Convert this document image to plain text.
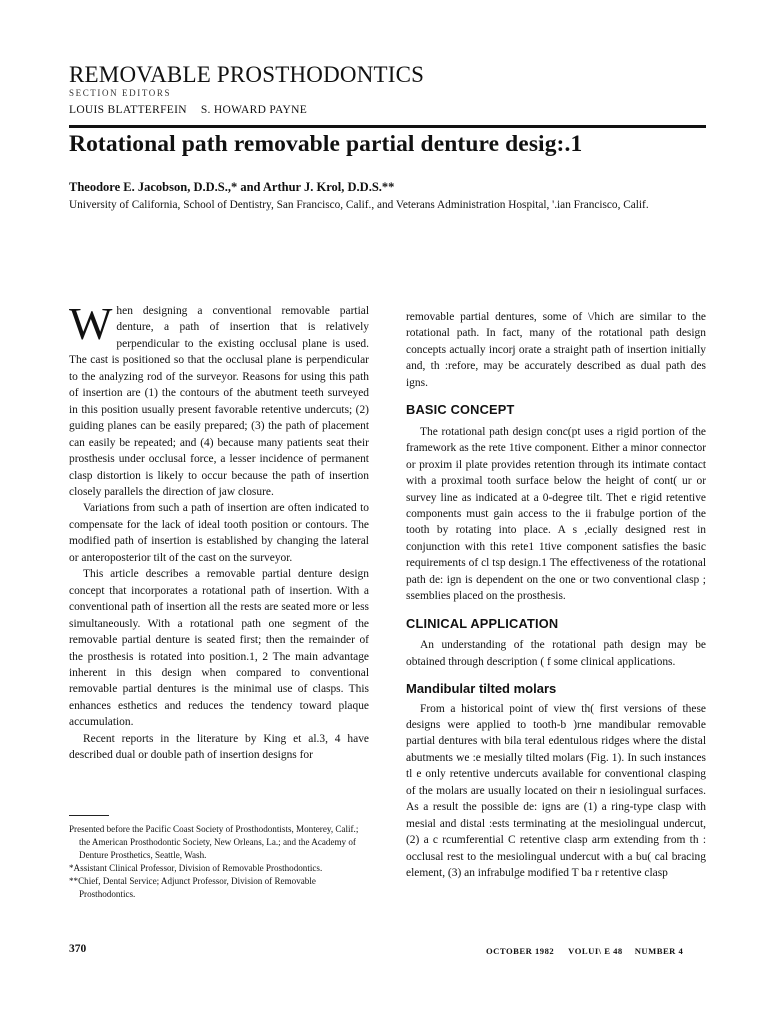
REMOVABLE PROSTHODONTICS
SECTION EDITORS
LOUIS BLATTERFEIN S. HOWARD PAYNE
Rotational path removable partial denture desig:.1
Theodore E. Jacobson, D.D.S.,* and Arthur J. Krol, D.D.S.**
University of California, School of Dentistry, San Francisco, Calif., and Veterans Administration Hospital, '.ian Francisco, Calif.

When designing a conventional removable partial denture, a path of insertion that is relatively perpendicular to the existing occlusal plane is used. The cast is positioned so that the occlusal plane is perpendicular to the analyzing rod of the surveyor. Reasons for using this path of insertion are (1) the contours of the abutment teeth surveyed in this position usually present favorable retentive undercuts; (2) guiding planes can be easily prepared; (3) the path of placement can easily be repeated; and (4) because many patients seat their prosthesis under occlusal force, a lesser incidence of permanent clasp distortion is likely to occur because the path of insertion closely parallels the direction of jaw closure.

Variations from such a path of insertion are often indicated to compensate for the lack of ideal tooth position or contours. The modified path of insertion is established by changing the lateral or anteroposterior tilt of the cast on the surveyor.

This article describes a removable partial denture design concept that incorporates a rotational path of insertion. With a conventional path of insertion all the rests are seated more or less simultaneously. With a rotational path one segment of the removable partial denture is seated first; then the remainder of the prosthesis is rotated into position.1, 2 The main advantage inherent in this design when compared to conventional removable partial dentures is the minimal use of clasps. This enhances esthetics and reduces the tendency toward plaque accumulation.

Recent reports in the literature by King et al.3, 4 have described dual or double path of insertion designs for

Presented before the Pacific Coast Society of Prosthodontists, Monterey, Calif.; the American Prosthodontic Society, New Orleans, La.; and the Academy of Denture Prosthetics, Seattle, Wash.

*Assistant Clinical Professor, Division of Removable Prosthodontics.

**Chief, Dental Service; Adjunct Professor, Division of Removable Prosthodontics.

removable partial dentures, some of \/hich are similar to the rotational path. In fact, many of the rotational path design concepts actually incorj orate a straight path of insertion initially and, th :refore, may be accurately described as dual path des igns.

BASIC CONCEPT

The rotational path design conc(pt uses a rigid portion of the framework as the rete 1tive component. Either a minor connector or proxim il plate provides retention through its intimate contact with a proximal tooth surface below the height of cont( ur or survey line as indicated at a 0-degree tilt. Thet e rigid retentive components must gain access to the ii frabulge portion of the tooth by rotating into place. A s ,ecially designed rest in conjunction with this rete1 1tive component satisfies the basic requirements of cl tsp design.1 The effectiveness of the rotational path de: ign is dependent on the one or two conventional clasp ; ssemblies placed on the prosthesis.

CLINICAL APPLICATION

An understanding of the rotational path design may be obtained through description ( f some clinical applications.

Mandibular tilted molars

From a historical point of view th( first versions of these designs were applied to tooth-b )rne mandibular removable partial dentures with bila teral edentulous ridges where the distal abutments we :e mesially tilted molars (Fig. 1). In such instances tl e only retentive undercuts available for conventional clasping of the molars are usually located on their n iesiolingual surfaces. As a result the possible de: igns are (1) a ring-type clasp with mesial and distal :ests terminating at the mesiolingual undercut, (2) a c rcumferential C retentive clasp arm extending from th : occlusal rest to the mesiolingual undercut with a bu( cal bracing element, (3) an infrabulge modified T ba r retentive clasp

370	OCTOBER 1982 VOLUI\ E 48 NUMBER 4
